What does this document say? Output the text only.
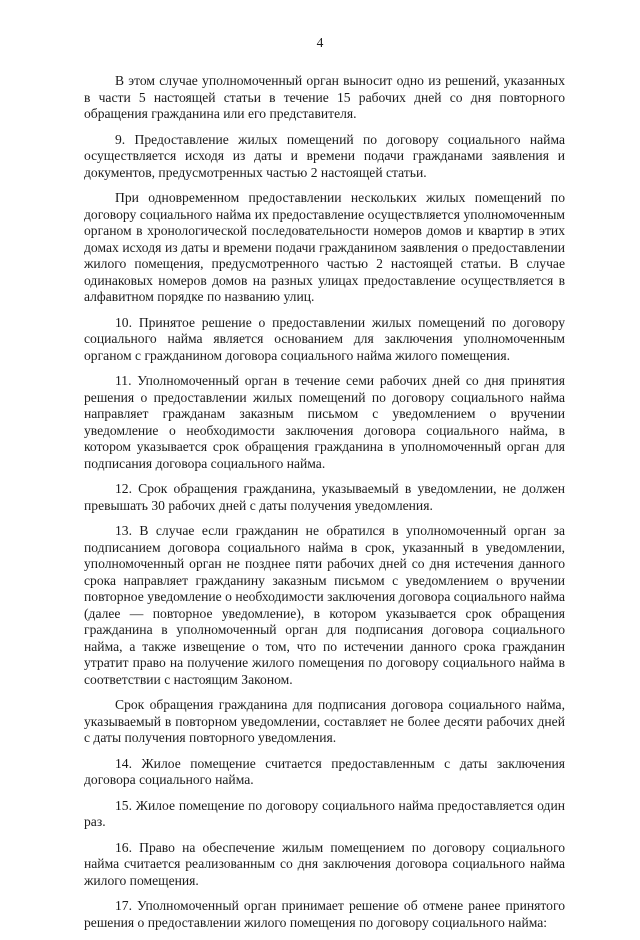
4

В этом случае уполномоченный орган выносит одно из решений, указанных в части 5 настоящей статьи в течение 15 рабочих дней со дня повторного обращения гражданина или его представителя.

9. Предоставление жилых помещений по договору социального найма осуществляется исходя из даты и времени подачи гражданами заявления и документов, предусмотренных частью 2 настоящей статьи.

При одновременном предоставлении нескольких жилых помещений по договору социального найма их предоставление осуществляется уполномоченным органом в хронологической последовательности номеров домов и квартир в этих домах исходя из даты и времени подачи гражданином заявления о предоставлении жилого помещения, предусмотренного частью 2 настоящей статьи. В случае одинаковых номеров домов на разных улицах предоставление осуществляется в алфавитном порядке по названию улиц.

10. Принятое решение о предоставлении жилых помещений по договору социального найма является основанием для заключения уполномоченным органом с гражданином договора социального найма жилого помещения.

11. Уполномоченный орган в течение семи рабочих дней со дня принятия решения о предоставлении жилых помещений по договору социального найма направляет гражданам заказным письмом с уведомлением о вручении уведомление о необходимости заключения договора социального найма, в котором указывается срок обращения гражданина в уполномоченный орган для подписания договора социального найма.

12. Срок обращения гражданина, указываемый в уведомлении, не должен превышать 30 рабочих дней с даты получения уведомления.

13. В случае если гражданин не обратился в уполномоченный орган за подписанием договора социального найма в срок, указанный в уведомлении, уполномоченный орган не позднее пяти рабочих дней со дня истечения данного срока направляет гражданину заказным письмом с уведомлением о вручении повторное уведомление о необходимости заключения договора социального найма (далее — повторное уведомление), в котором указывается срок обращения гражданина в уполномоченный орган для подписания договора социального найма, а также извещение о том, что по истечении данного срока гражданин утратит право на получение жилого помещения по договору социального найма в соответствии с настоящим Законом.

Срок обращения гражданина для подписания договора социального найма, указываемый в повторном уведомлении, составляет не более десяти рабочих дней с даты получения повторного уведомления.

14. Жилое помещение считается предоставленным с даты заключения договора социального найма.

15. Жилое помещение по договору социального найма предоставляется один раз.

16. Право на обеспечение жилым помещением по договору социального найма считается реализованным со дня заключения договора социального найма жилого помещения.

17. Уполномоченный орган принимает решение об отмене ранее принятого решения о предоставлении жилого помещения по договору социального найма:
